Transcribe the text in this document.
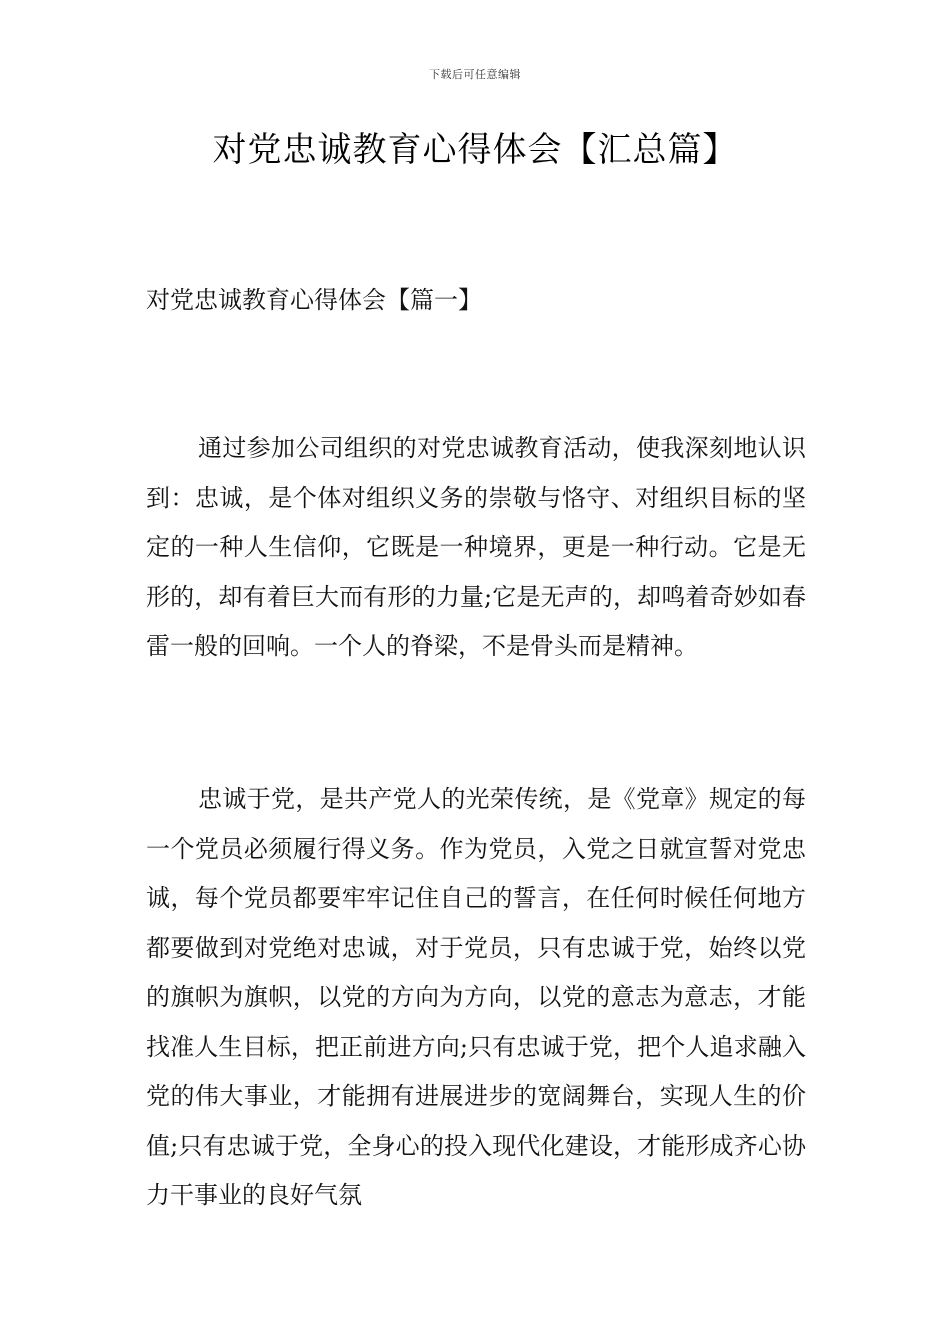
下载后可任意编辑
对党忠诚教育心得体会【汇总篇】
对党忠诚教育心得体会【篇一】

通过参加公司组织的对党忠诚教育活动，使我深刻地认识到：忠诚，是个体对组织义务的崇敬与恪守、对组织目标的坚定的一种人生信仰，它既是一种境界，更是一种行动。它是无形的，却有着巨大而有形的力量;它是无声的，却鸣着奇妙如春雷一般的回响。一个人的脊梁，不是骨头而是精神。

忠诚于党，是共产党人的光荣传统，是《党章》规定的每一个党员必须履行得义务。作为党员，入党之日就宣誓对党忠诚，每个党员都要牢牢记住自己的誓言，在任何时候任何地方都要做到对党绝对忠诚，对于党员，只有忠诚于党，始终以党的旗帜为旗帜，以党的方向为方向，以党的意志为意志，才能找准人生目标，把正前进方向;只有忠诚于党，把个人追求融入党的伟大事业，才能拥有进展进步的宽阔舞台，实现人生的价值;只有忠诚于党，全身心的投入现代化建设，才能形成齐心协力干事业的良好气氛
